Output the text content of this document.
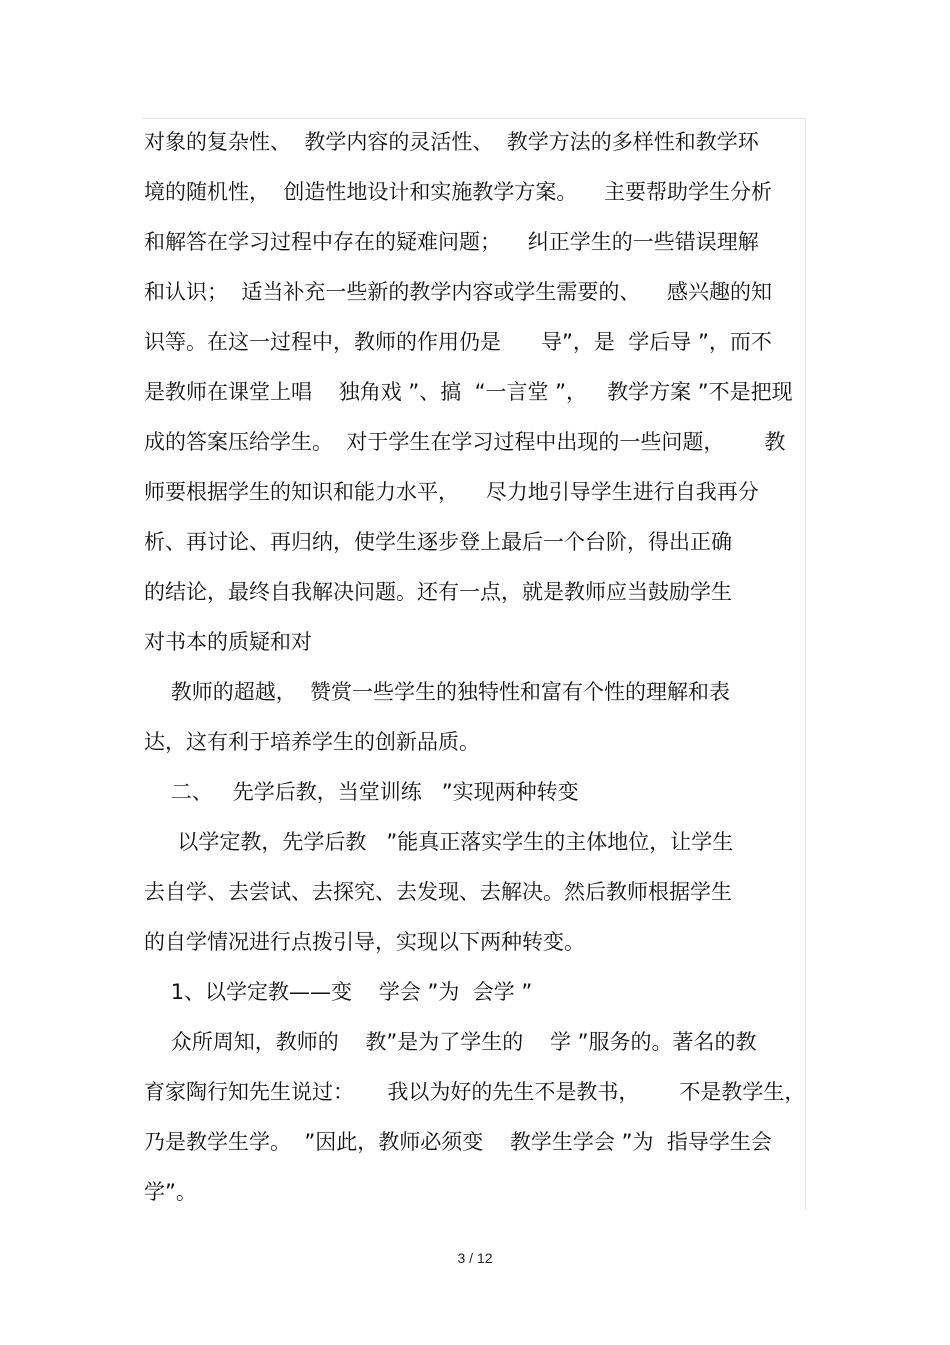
对象的复杂性、  教学内容的灵活性、  教学方法的多样性和教学环
境的随机性，  创造性地设计和实施教学方案。    主要帮助学生分析
和解答在学习过程中存在的疑难问题；    纠正学生的一些错误理解
和认识；  适当补充一些新的教学内容或学生需要的、    感兴趣的知
识等。在这一过程中，教师的作用仍是      导”，是  学后导 ”，而不
是教师在课堂上唱    独角戏 ”、搞  “一言堂 ”，   教学方案 ”不是把现
成的答案压给学生。  对于学生在学习过程中出现的一些问题，      教
师要根据学生的知识和能力水平，    尽力地引导学生进行自我再分
析、再讨论、再归纳，使学生逐步登上最后一个台阶，得出正确
的结论，最终自我解决问题。还有一点，就是教师应当鼓励学生
对书本的质疑和对
教师的超越，  赞赏一些学生的独特性和富有个性的理解和表
达，这有利于培养学生的创新品质。
二、   先学后教，当堂训练   ”实现两种转变
以学定教，先学后教   ”能真正落实学生的主体地位，让学生
去自学、去尝试、去探究、去发现、去解决。然后教师根据学生
的自学情况进行点拨引导，实现以下两种转变。
1、以学定教——变    学会 ”为  会学 ”
众所周知，教师的    教”是为了学生的    学 ”服务的。著名的教
育家陶行知先生说过：     我以为好的先生不是教书，      不是教学生，
乃是教学生学。  ”因此，教师必须变    教学生学会 ”为  指导学生会
学”。
3 / 12
